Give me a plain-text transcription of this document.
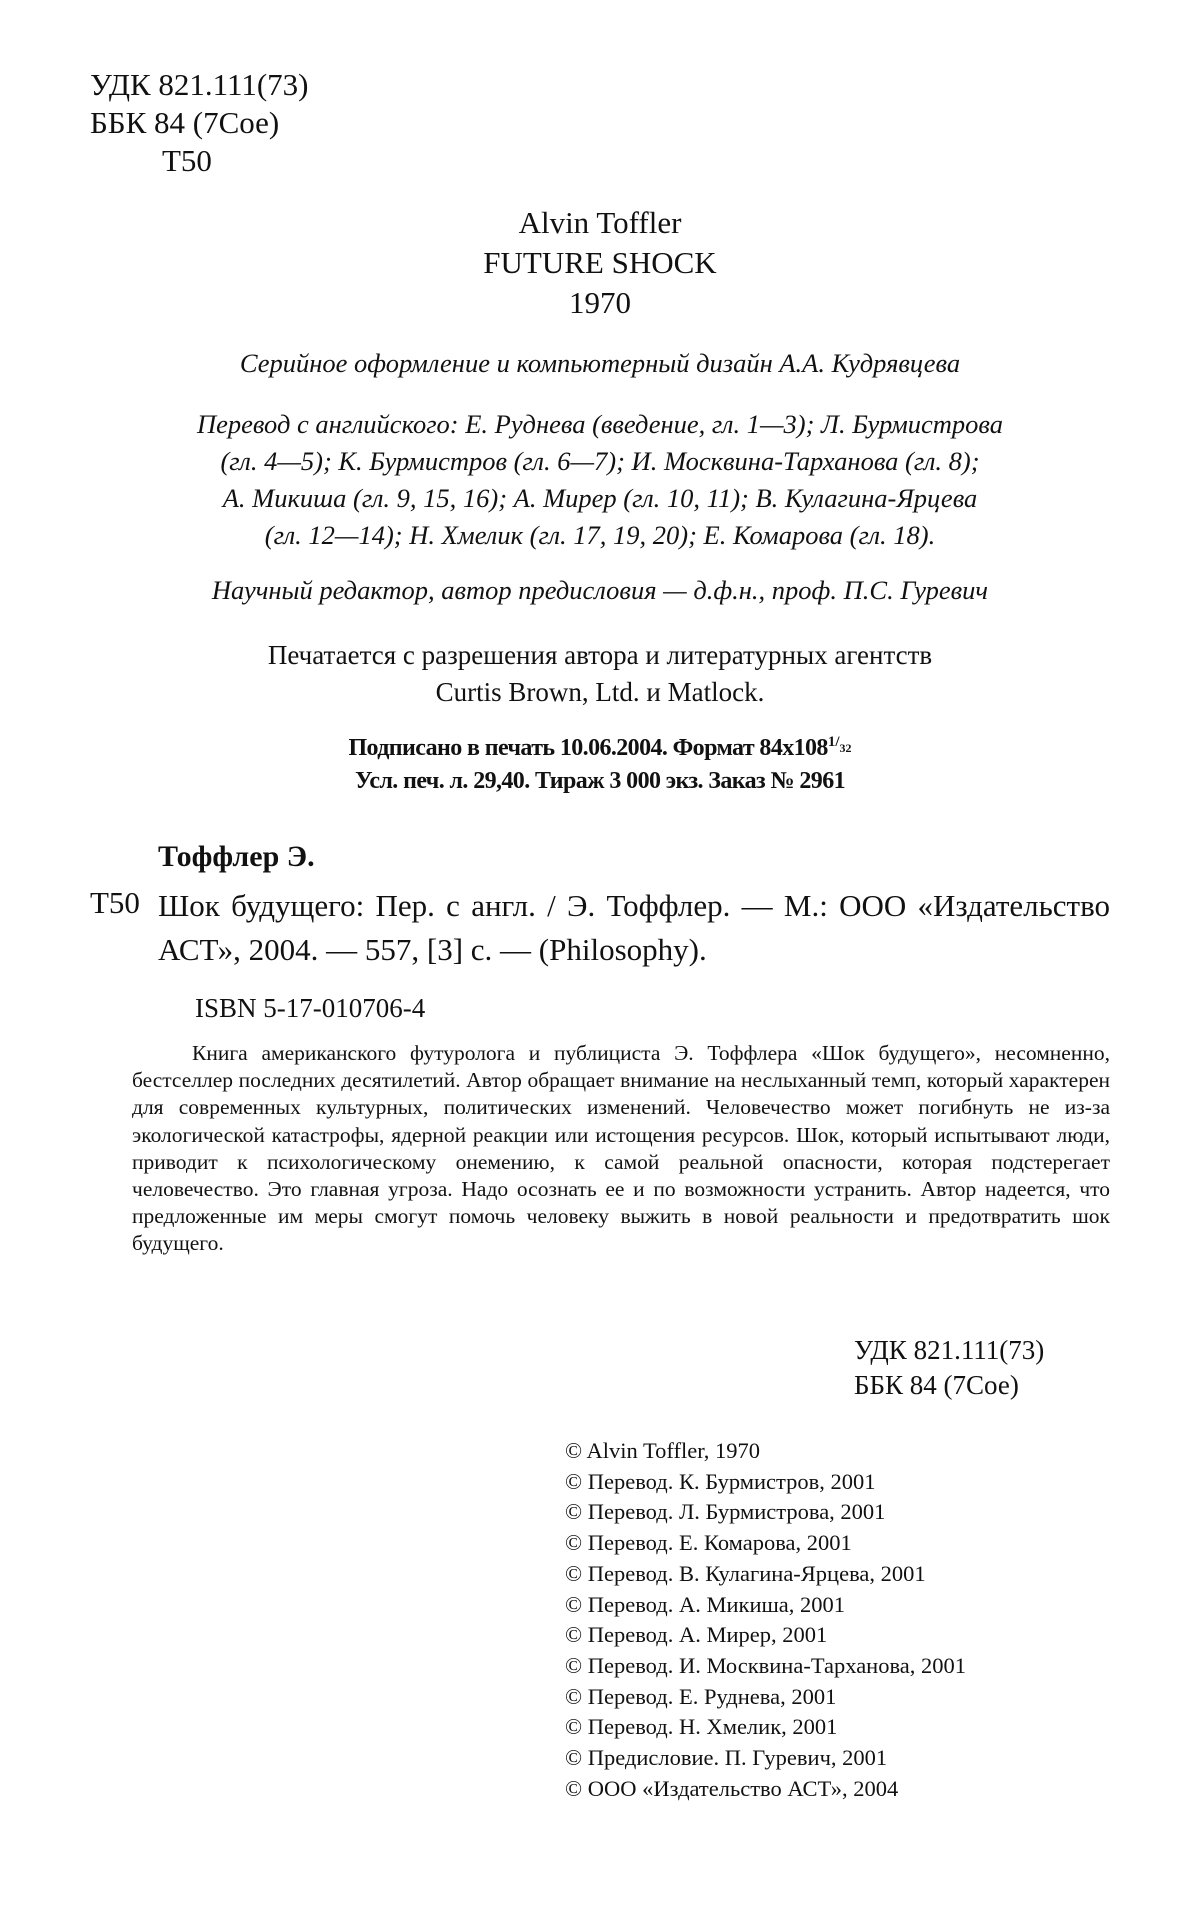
УДК 821.111(73)
ББК 84 (7Сое)
Т50
Alvin Toffler
FUTURE SHOCK
1970
Серийное оформление и компьютерный дизайн А.А. Кудрявцева
Перевод с английского: Е. Руднева (введение, гл. 1—3); Л. Бурмистрова
(гл. 4—5); К. Бурмистров (гл. 6—7); И. Москвина-Тарханова (гл. 8);
А. Микиша (гл. 9, 15, 16); А. Мирер (гл. 10, 11); В. Кулагина-Ярцева
(гл. 12—14); Н. Хмелик (гл. 17, 19, 20); Е. Комарова (гл. 18).
Научный редактор, автор предисловия — д.ф.н., проф. П.С. Гуревич
Печатается с разрешения автора и литературных агентств
Curtis Brown, Ltd. и Matlock.
Подписано в печать 10.06.2004. Формат $84х108^{1/_{32}}$
Усл. печ. л. 29,40. Тираж 3 000 экз. Заказ № 2961
Тоффлер Э.
Т50 Шок будущего: Пер. с англ. / Э. Тоффлер. — М.: ООО «Издательство АСТ», 2004. — 557, [3] с. — (Philosophy).
ISBN 5-17-010706-4
Книга американского футуролога и публициста Э. Тоффлера «Шок будущего», несомненно, бестселлер последних десятилетий. Автор обращает внимание на неслыханный темп, который характерен для современных культурных, политических изменений. Человечество может погибнуть не из-за экологической катастрофы, ядерной реакции или истощения ресурсов. Шок, который испытывают люди, приводит к психологическому онемению, к самой реальной опасности, которая подстерегает человечество. Это главная угроза. Надо осознать ее и по возможности устранить. Автор надеется, что предложенные им меры смогут помочь человеку выжить в новой реальности и предотвратить шок будущего.
УДК 821.111(73)
ББК 84 (7Сое)
© Alvin Toffler, 1970
© Перевод. К. Бурмистров, 2001
© Перевод. Л. Бурмистрова, 2001
© Перевод. Е. Комарова, 2001
© Перевод. В. Кулагина-Ярцева, 2001
© Перевод. А. Микиша, 2001
© Перевод. А. Мирер, 2001
© Перевод. И. Москвина-Тарханова, 2001
© Перевод. Е. Руднева, 2001
© Перевод. Н. Хмелик, 2001
© Предисловие. П. Гуревич, 2001
© ООО «Издательство АСТ», 2004
